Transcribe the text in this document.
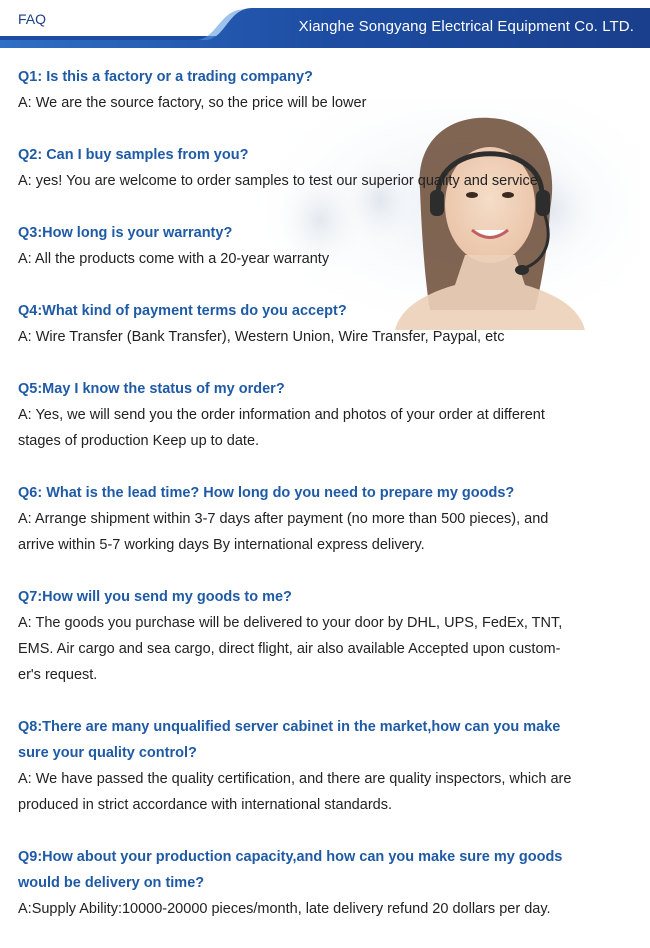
FAQ	Xianghe Songyang Electrical Equipment Co. LTD.

Q1: Is this a factory or a trading company?

A: We are the source factory, so the price will be lower

Q2: Can I buy samples from you?

A: yes! You are welcome to order samples to test our superior quality and service

Q3:How long is your warranty?

A: All the products come with a 20-year warranty

Q4:What kind of payment terms do you accept?

A: Wire Transfer (Bank Transfer), Western Union, Wire Transfer, Paypal, etc

Q5:May I know the status of my order?

A: Yes, we will send you the order information and photos of your order at different

stages of production Keep up to date.

Q6: What is the lead time? How long do you need to prepare my goods?

A: Arrange shipment within 3-7 days after payment (no more than 500 pieces), and

arrive within 5-7 working days By international express delivery.

Q7:How will you send my goods to me?

A: The goods you purchase will be delivered to your door by DHL, UPS, FedEx, TNT,

EMS. Air cargo and sea cargo, direct flight, air also available Accepted upon custom-

er's request.

Q8:There are many unqualified server cabinet in the market,how can you make

sure your quality control?

A: We have passed the quality certification, and there are quality inspectors, which are

produced in strict accordance with international standards.

Q9:How about your production capacity,and how can you make sure my goods

would be delivery on time?

A:Supply Ability:10000-20000 pieces/month, late delivery refund 20 dollars per day.
